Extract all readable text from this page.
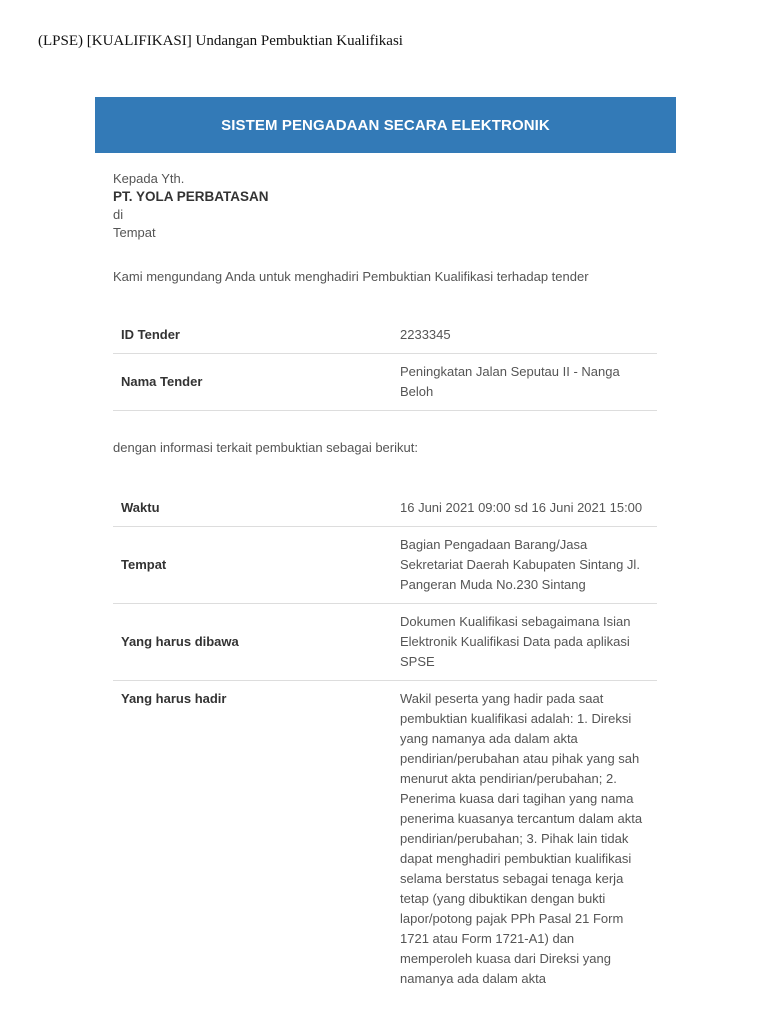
(LPSE) [KUALIFIKASI] Undangan Pembuktian Kualifikasi
SISTEM PENGADAAN SECARA ELEKTRONIK
Kepada Yth.
PT. YOLA PERBATASAN
di
Tempat
Kami mengundang Anda untuk menghadiri Pembuktian Kualifikasi terhadap tender
ID Tender	2233345
Nama Tender	Peningkatan Jalan Seputau II - Nanga Beloh
dengan informasi terkait pembuktian sebagai berikut:
Waktu	16 Juni 2021 09:00 sd 16 Juni 2021 15:00
Tempat	Bagian Pengadaan Barang/Jasa Sekretariat Daerah Kabupaten Sintang Jl. Pangeran Muda No.230 Sintang
Yang harus dibawa	Dokumen Kualifikasi sebagaimana Isian Elektronik Kualifikasi Data pada aplikasi SPSE
Yang harus hadir	Wakil peserta yang hadir pada saat pembuktian kualifikasi adalah: 1. Direksi yang namanya ada dalam akta pendirian/perubahan atau pihak yang sah menurut akta pendirian/perubahan; 2. Penerima kuasa dari tagihan yang nama penerima kuasanya tercantum dalam akta pendirian/perubahan; 3. Pihak lain tidak dapat menghadiri pembuktian kualifikasi selama berstatus sebagai tenaga kerja tetap (yang dibuktikan dengan bukti lapor/potong pajak PPh Pasal 21 Form 1721 atau Form 1721-A1) dan memperoleh kuasa dari Direksi yang namanya ada dalam akta
